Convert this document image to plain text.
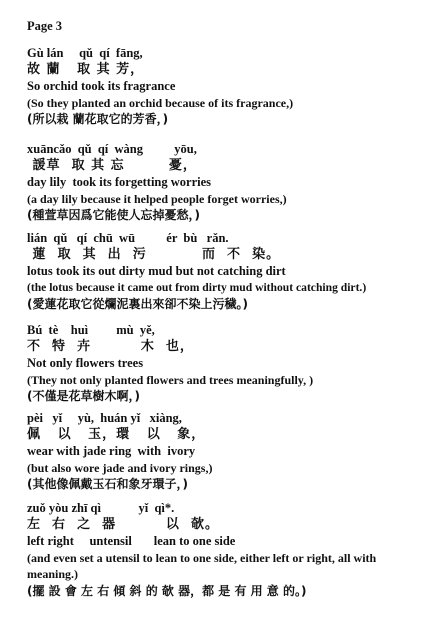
Page 3
Gù lán     qǔ  qí  fāng,
故 蘭   取 其 芳，
So orchid took its fragrance
(So they planted an orchid because of its fragrance,)
(所以栽 蘭花取它的芳香，)
xuāncǎo  qǔ  qí  wàng          yōu,
諼草  取 其 忘        憂，
day lily  took its forgetting worries
(a day lily because it helped people forget worries,)
(種萱草因爲它能使人忘掉憂愁，)
lián  qǔ   qí  chū  wū          ér  bù   rǎn.
蓮  取  其  出  污          而  不  染。
lotus took its out dirty mud but not catching dirt
(the lotus because it came out from dirty mud without catching dirt.)
(愛蓮花取它從爛泥裏出來卻不染上污穢。)
Bú  tè    huì         mù  yě,
不  特  卉         木  也，
Not only flowers trees
(They not only planted flowers and trees meaningfully, )
(不僅是花草樹木啊，)
pèi   yǐ     yù,  huán yǐ   xiàng,
佩   以   玉，環   以   象，
wear with jade ring  with  ivory
(but also wore jade and ivory rings,)
(其他像佩戴玉石和象牙環子，)
zuǒ yòu zhī qì            yǐ  qì*.
左  右  之  器         以  欹。
left right     untensil       lean to one side
(and even set a utensil to lean to one side, either left or right, all with meaning.)
(擺 設 會 左 右 傾 斜 的 欹 器，都 是 有 用 意 的。)
